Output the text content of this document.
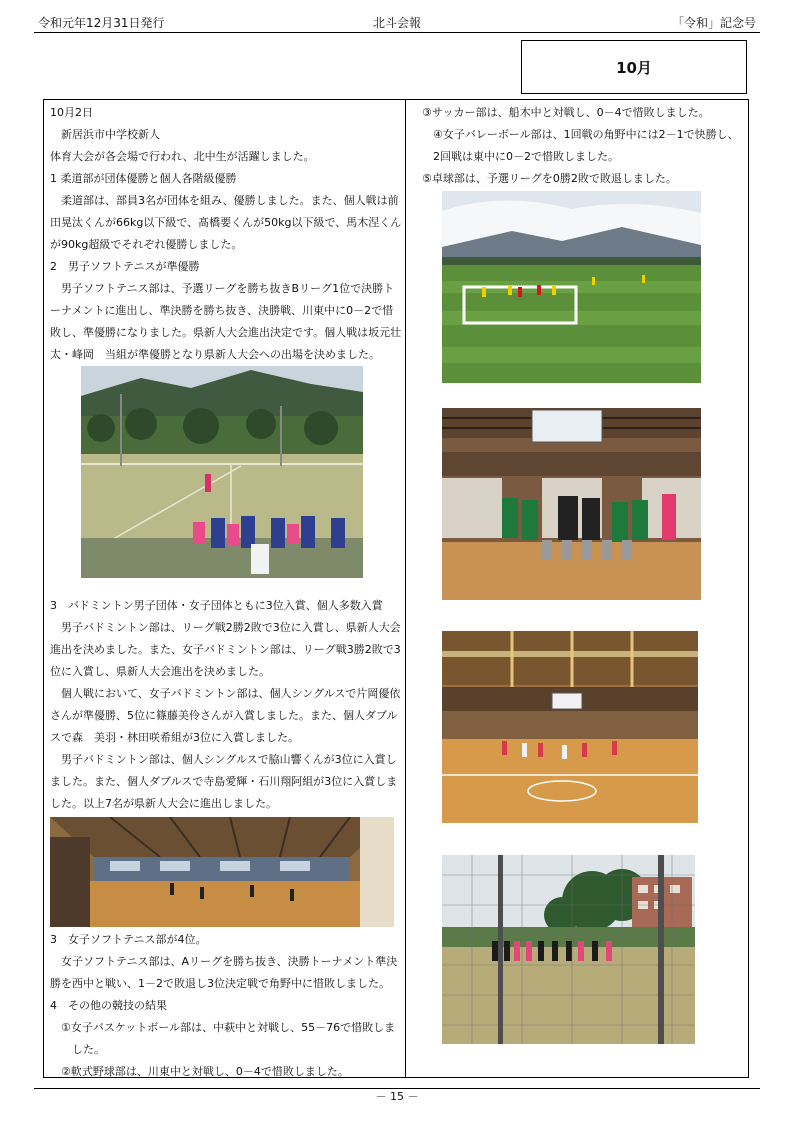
令和元年12月31日発行	北斗会報	「令和」記念号
10月

10月2日

新居浜市中学校新人

体育大会が各会場で行われ、北中生が活躍しました。

1 柔道部が団体優勝と個人各階級優勝

柔道部は、部員3名が団体を組み、優勝しました。また、個人戦は前田晃汰くんが66kg以下級で、髙橋要くんが50kg以下級で、馬木涅くんが90kg超級でそれぞれ優勝しました。

2　男子ソフトテニスが準優勝

男子ソフトテニス部は、予選リーグを勝ち抜きBリーグ1位で決勝トーナメントに進出し、準決勝を勝ち抜き、決勝戦、川東中に0－2で惜敗し、準優勝になりました。県新人大会進出決定です。個人戦は坂元壮太・峰岡　当組が準優勝となり県新人大会への出場を決めました。

3　バドミントン男子団体・女子団体ともに3位入賞、個人多数入賞

男子バドミントン部は、リーグ戦2勝2敗で3位に入賞し、県新人大会進出を決めました。また、女子バドミントン部は、リーグ戦3勝2敗で3位に入賞し、県新人大会進出を決めました。

個人戦において、女子バドミントン部は、個人シングルスで片岡優依さんが準優勝、5位に篠藤美伶さんが入賞しました。また、個人ダブルスで森　美羽・林田咲希組が3位に入賞しました。

男子バドミントン部は、個人シングルスで脇山響くんが3位に入賞しました。また、個人ダブルスで寺島愛輝・石川翔阿組が3位に入賞しました。以上7名が県新人大会に進出しました。

3　女子ソフトテニス部が4位。

女子ソフトテニス部は、Aリーグを勝ち抜き、決勝トーナメント準決勝を西中と戦い、1－2で敗退し3位決定戦で角野中に惜敗しました。

4　その他の競技の結果

①女子バスケットボール部は、中萩中と対戦し、55－76で惜敗しました。

②軟式野球部は、川東中と対戦し、0－4で惜敗しました。

③サッカー部は、船木中と対戦し、0－4で惜敗しました。

④女子バレーボール部は、1回戦の角野中には2－1で快勝し、2回戦は東中に0－2で惜敗しました。

⑤卓球部は、予選リーグを0勝2敗で敗退しました。

－ 15 －
